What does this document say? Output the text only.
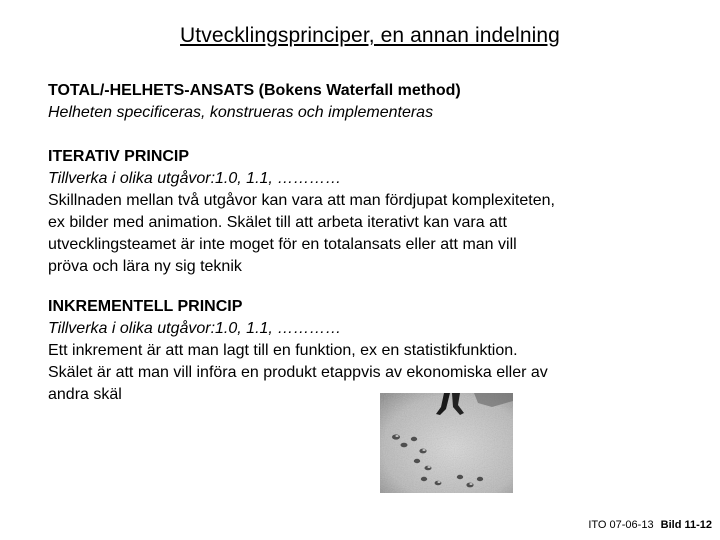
Utvecklingsprinciper, en annan indelning
TOTAL/-HELHETS-ANSATS (Bokens Waterfall method)
Helheten specificeras, konstrueras och implementeras
ITERATIV PRINCIP
Tillverka i olika utgåvor:1.0, 1.1, …………
Skillnaden mellan två utgåvor kan vara att man fördjupat komplexiteten,
ex bilder med animation. Skälet till att arbeta iterativt kan vara att
utvecklingsteamet är inte moget för en totalansats eller att man vill
pröva och lära ny sig teknik
INKREMENTELL PRINCIP
Tillverka i olika utgåvor:1.0, 1.1, …………
Ett inkrement är att man lagt till en funktion, ex en statistikfunktion.
Skälet är att man vill införa en produkt etappvis av ekonomiska eller av
andra skäl
ITO 07-06-13 Bild 11-12
